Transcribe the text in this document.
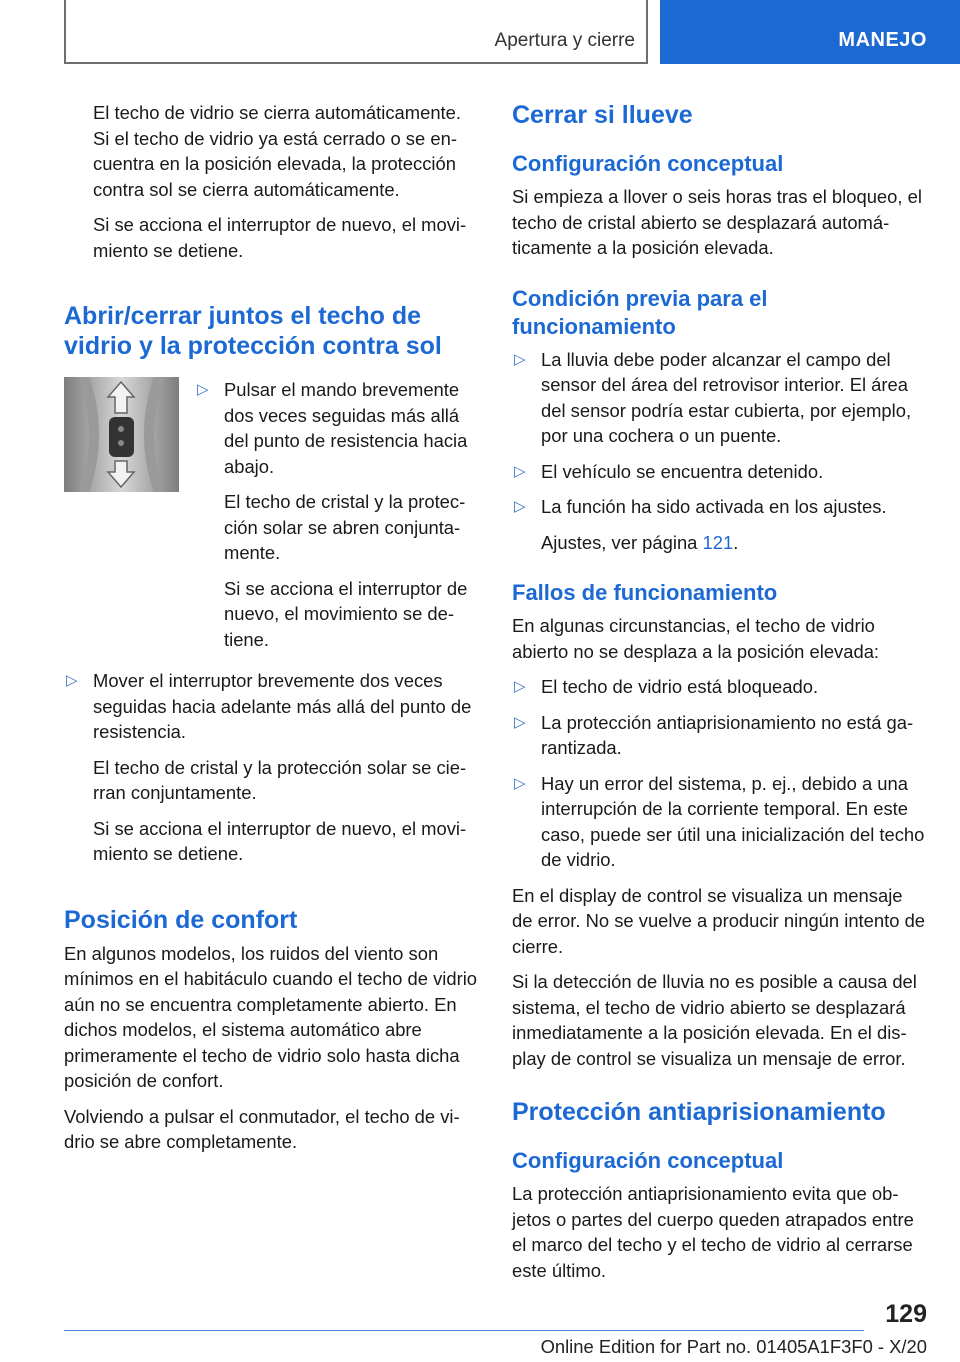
Apertura y cierre	MANEJO

El techo de vidrio se cierra automáticamente. Si el techo de vidrio ya está cerrado o se encuentra en la posición elevada, la protección contra sol se cierra automáticamente.

Si se acciona el interruptor de nuevo, el movimiento se detiene.

Abrir/cerrar juntos el techo de vidrio y la protección contra sol

▷ Pulsar el mando brevemente dos veces seguidas más allá del punto de resistencia hacia abajo.

El techo de cristal y la protección solar se abren conjuntamente.

Si se acciona el interruptor de nuevo, el movimiento se detiene.

▷ Mover el interruptor brevemente dos veces seguidas hacia adelante más allá del punto de resistencia.

El techo de cristal y la protección solar se cierran conjuntamente.

Si se acciona el interruptor de nuevo, el movimiento se detiene.

Posición de confort

En algunos modelos, los ruidos del viento son mínimos en el habitáculo cuando el techo de vidrio aún no se encuentra completamente abierto. En dichos modelos, el sistema automático abre primeramente el techo de vidrio solo hasta dicha posición de confort.

Volviendo a pulsar el conmutador, el techo de vidrio se abre completamente.

Cerrar si llueve
Configuración conceptual

Si empieza a llover o seis horas tras el bloqueo, el techo de cristal abierto se desplazará automáticamente a la posición elevada.

Condición previa para el funcionamiento

▷ La lluvia debe poder alcanzar el campo del sensor del área del retrovisor interior. El área del sensor podría estar cubierta, por ejemplo, por una cochera o un puente.

▷ El vehículo se encuentra detenido.

▷ La función ha sido activada en los ajustes.

Ajustes, ver página 121.

Fallos de funcionamiento

En algunas circunstancias, el techo de vidrio abierto no se desplaza a la posición elevada:

▷ El techo de vidrio está bloqueado.

▷ La protección antiaprisionamiento no está garantizada.

▷ Hay un error del sistema, p. ej., debido a una interrupción de la corriente temporal. En este caso, puede ser útil una inicialización del techo de vidrio.

En el display de control se visualiza un mensaje de error. No se vuelve a producir ningún intento de cierre.

Si la detección de lluvia no es posible a causa del sistema, el techo de vidrio abierto se desplazará inmediatamente a la posición elevada. En el display de control se visualiza un mensaje de error.

Protección antiaprisionamiento
Configuración conceptual

La protección antiaprisionamiento evita que objetos o partes del cuerpo queden atrapados entre el marco del techo y el techo de vidrio al cerrarse este último.

129
Online Edition for Part no. 01405A1F3F0 - X/20
